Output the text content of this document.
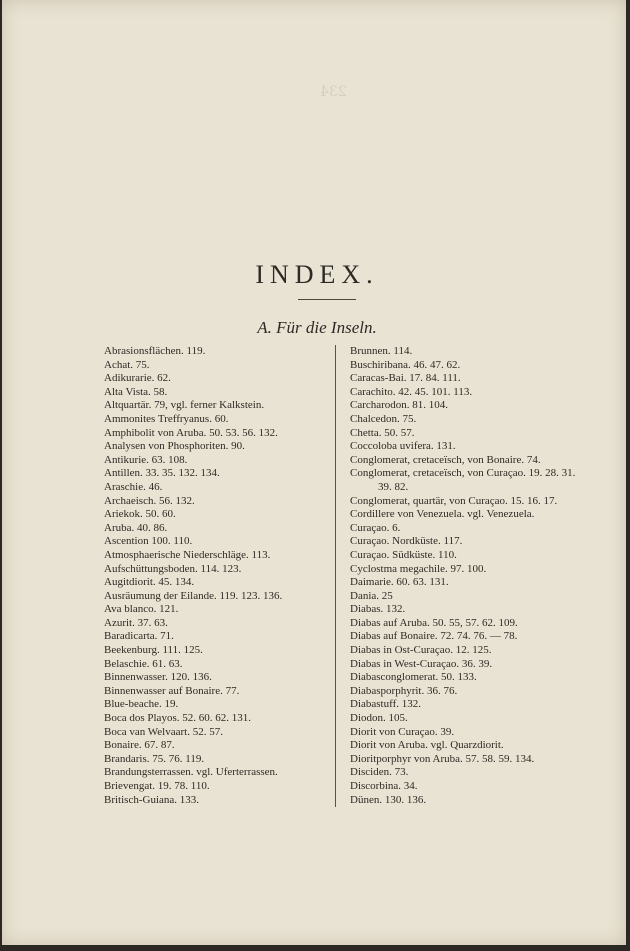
234
INDEX.
A. Für die Inseln.
Abrasionsflächen. 119.
Achat. 75.
Adikurarie. 62.
Alta Vista. 58.
Altquartär. 79, vgl. ferner Kalkstein.
Ammonites Treffryanus. 60.
Amphibolit von Aruba. 50. 53. 56. 132.
Analysen von Phosphoriten. 90.
Antikurie. 63. 108.
Antillen. 33. 35. 132. 134.
Araschie. 46.
Archaeisch. 56. 132.
Ariekok. 50. 60.
Aruba. 40. 86.
Ascention 100. 110.
Atmosphaerische Niederschläge. 113.
Aufschüttungsboden. 114. 123.
Augitdiorit. 45. 134.
Ausräumung der Eilande. 119. 123. 136.
Ava blanco. 121.
Azurit. 37. 63.
Baradicarta. 71.
Beekenburg. 111. 125.
Belaschie. 61. 63.
Binnenwasser. 120. 136.
Binnenwasser auf Bonaire. 77.
Blue-beache. 19.
Boca dos Playos. 52. 60. 62. 131.
Boca van Welvaart. 52. 57.
Bonaire. 67. 87.
Brandaris. 75. 76. 119.
Brandungsterrassen. vgl. Uferterrassen.
Brievengat. 19. 78. 110.
Britisch-Guiana. 133.
Brunnen. 114.
Buschiribana. 46. 47. 62.
Caracas-Bai. 17. 84. 111.
Carachito. 42. 45. 101. 113.
Carcharodon. 81. 104.
Chalcedon. 75.
Chetta. 50. 57.
Coccoloba uvifera. 131.
Conglomerat, cretaceïsch, von Bonaire. 74.
Conglomerat, cretaceïsch, von Curaçao. 19. 28. 31.
39. 82.
Conglomerat, quartär, von Curaçao. 15. 16. 17.
Cordillere von Venezuela. vgl. Venezuela.
Curaçao. 6.
Curaçao. Nordküste. 117.
Curaçao. Südküste. 110.
Cyclostma megachile. 97. 100.
Daimarie. 60. 63. 131.
Dania. 25
Diabas. 132.
Diabas auf Aruba. 50. 55, 57. 62. 109.
Diabas auf Bonaire. 72. 74. 76. — 78.
Diabas in Ost-Curaçao. 12. 125.
Diabas in West-Curaçao. 36. 39.
Diabasconglomerat. 50. 133.
Diabasporphyrit. 36. 76.
Diabastuff. 132.
Diodon. 105.
Diorit von Curaçao. 39.
Diorit von Aruba. vgl. Quarzdiorit.
Dioritporphyr von Aruba. 57. 58. 59. 134.
Disciden. 73.
Discorbina. 34.
Dünen. 130. 136.
